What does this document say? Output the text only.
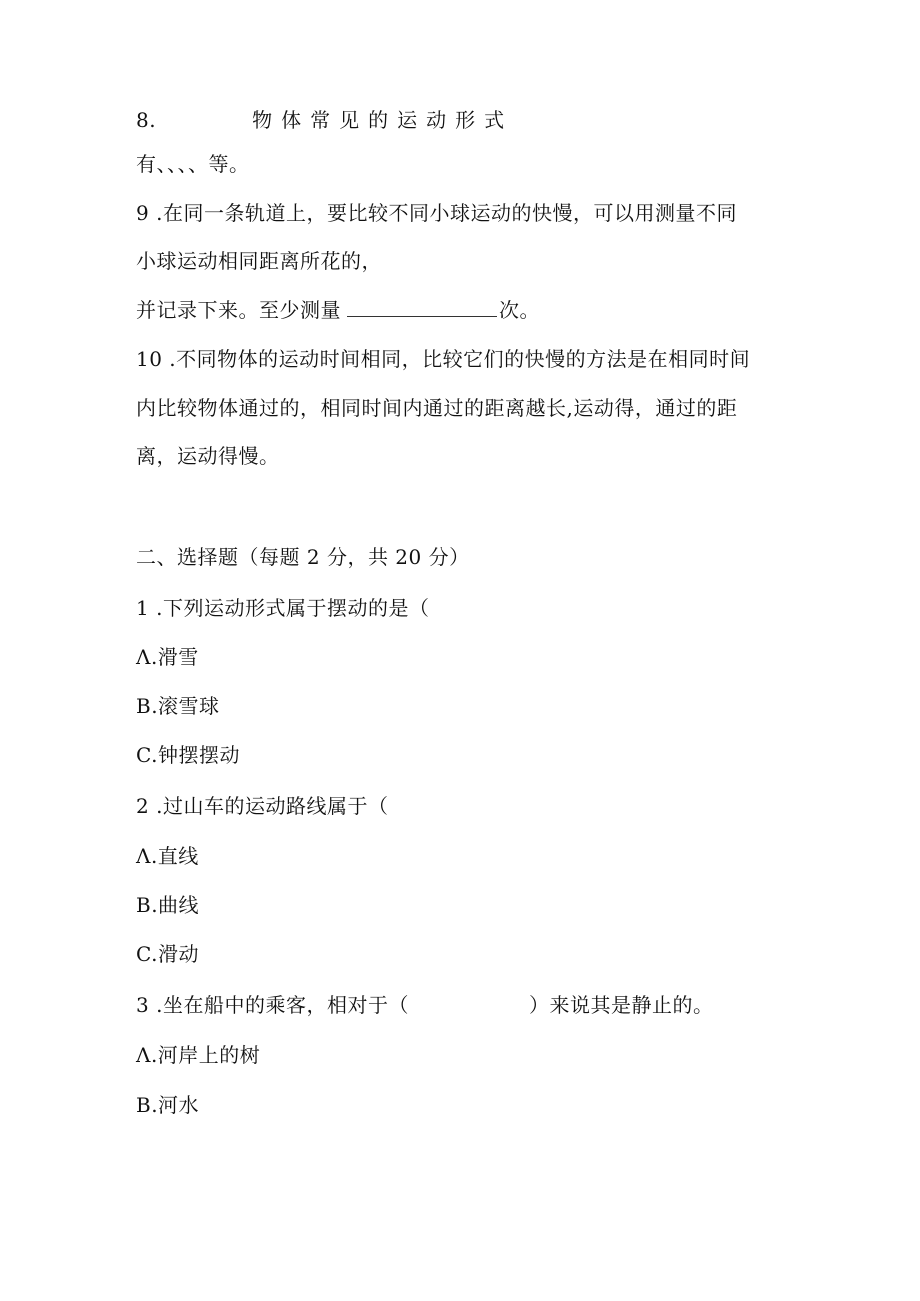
8.	物体常见的运动形式
有、、、、等。
9 .在同一条轨道上，要比较不同小球运动的快慢，可以用测量不同
小球运动相同距离所花的，
并记录下来。至少测量	次。
10 .不同物体的运动时间相同，比较它们的快慢的方法是在相同时间
内比较物体通过的，相同时间内通过的距离越长,运动得，通过的距
离，运动得慢。
二、选择题（每题 2 分，共 20 分）
1 .下列运动形式属于摆动的是（
Λ.滑雪
B.滚雪球
C.钟摆摆动
2 .过山车的运动路线属于（
Λ.直线
B.曲线
C.滑动
3 .坐在船中的乘客，相对于（	）来说其是静止的。
Λ.河岸上的树
B.河水
